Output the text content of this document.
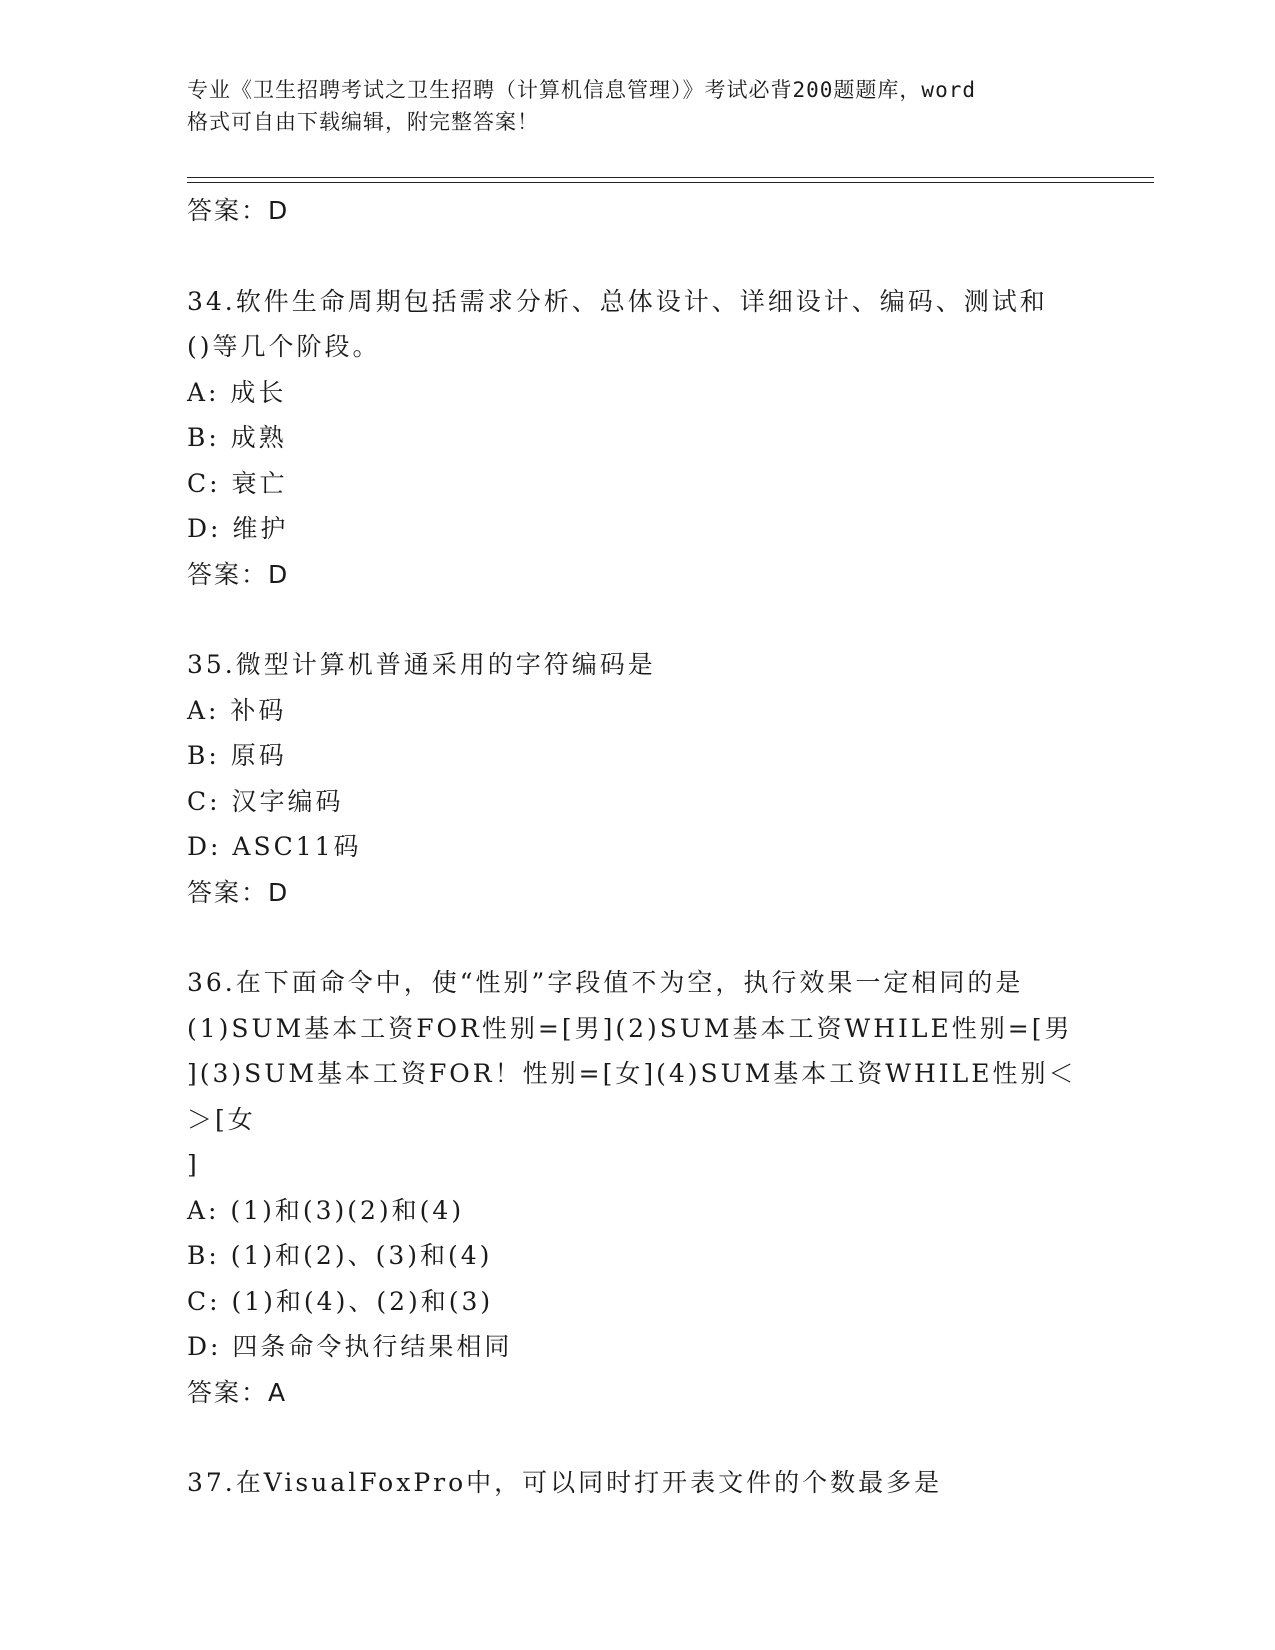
专业《卫生招聘考试之卫生招聘（计算机信息管理）》考试必背200题题库，word
格式可自由下载编辑，附完整答案！

答案：D

34.软件生命周期包括需求分析、总体设计、详细设计、编码、测试和

()等几个阶段。

A: 成长

B: 成熟

C: 衰亡

D: 维护

答案：D

35.微型计算机普通采用的字符编码是

A: 补码

B: 原码

C: 汉字编码

D: ASC11码

答案：D

36.在下面命令中，使“性别”字段值不为空，执行效果一定相同的是

(1)SUM基本工资FOR性别=[男](2)SUM基本工资WHILE性别=[男

](3)SUM基本工资FOR！性别=[女](4)SUM基本工资WHILE性别＜＞[女

]

A: (1)和(3)(2)和(4)

B: (1)和(2)、(3)和(4)

C: (1)和(4)、(2)和(3)

D: 四条命令执行结果相同

答案：A

37.在VisualFoxPro中，可以同时打开表文件的个数最多是
